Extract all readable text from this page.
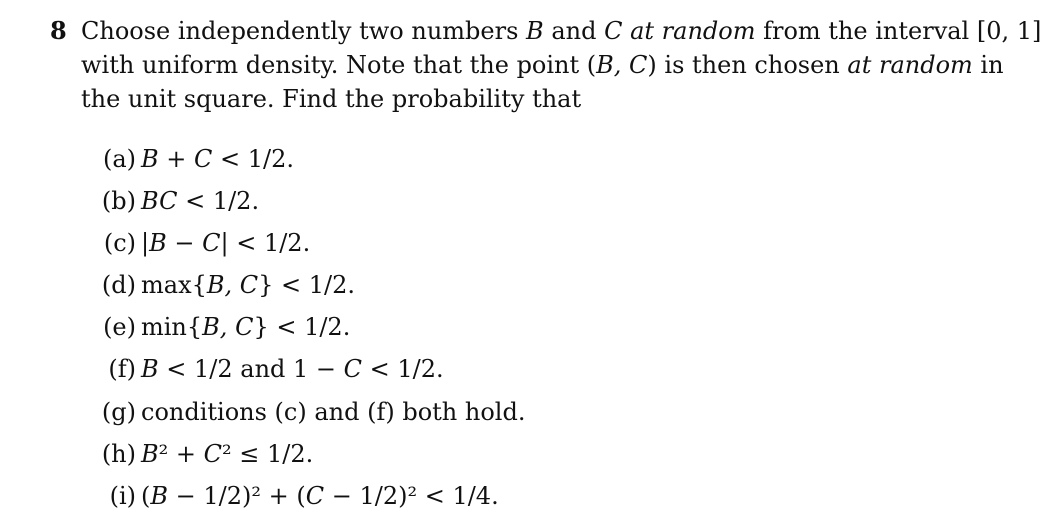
8 Choose independently two numbers B and C at random from the interval [0, 1]
with uniform density. Note that the point (B, C) is then chosen at random in
the unit square. Find the probability that
(a) B + C < 1/2.
(b) BC < 1/2.
(c) |B − C| < 1/2.
(d) max{B, C} < 1/2.
(e) min{B, C} < 1/2.
(f) B < 1/2 and 1 − C < 1/2.
(g) conditions (c) and (f) both hold.
(h) B² + C² ≤ 1/2.
(i) (B − 1/2)² + (C − 1/2)² < 1/4.
